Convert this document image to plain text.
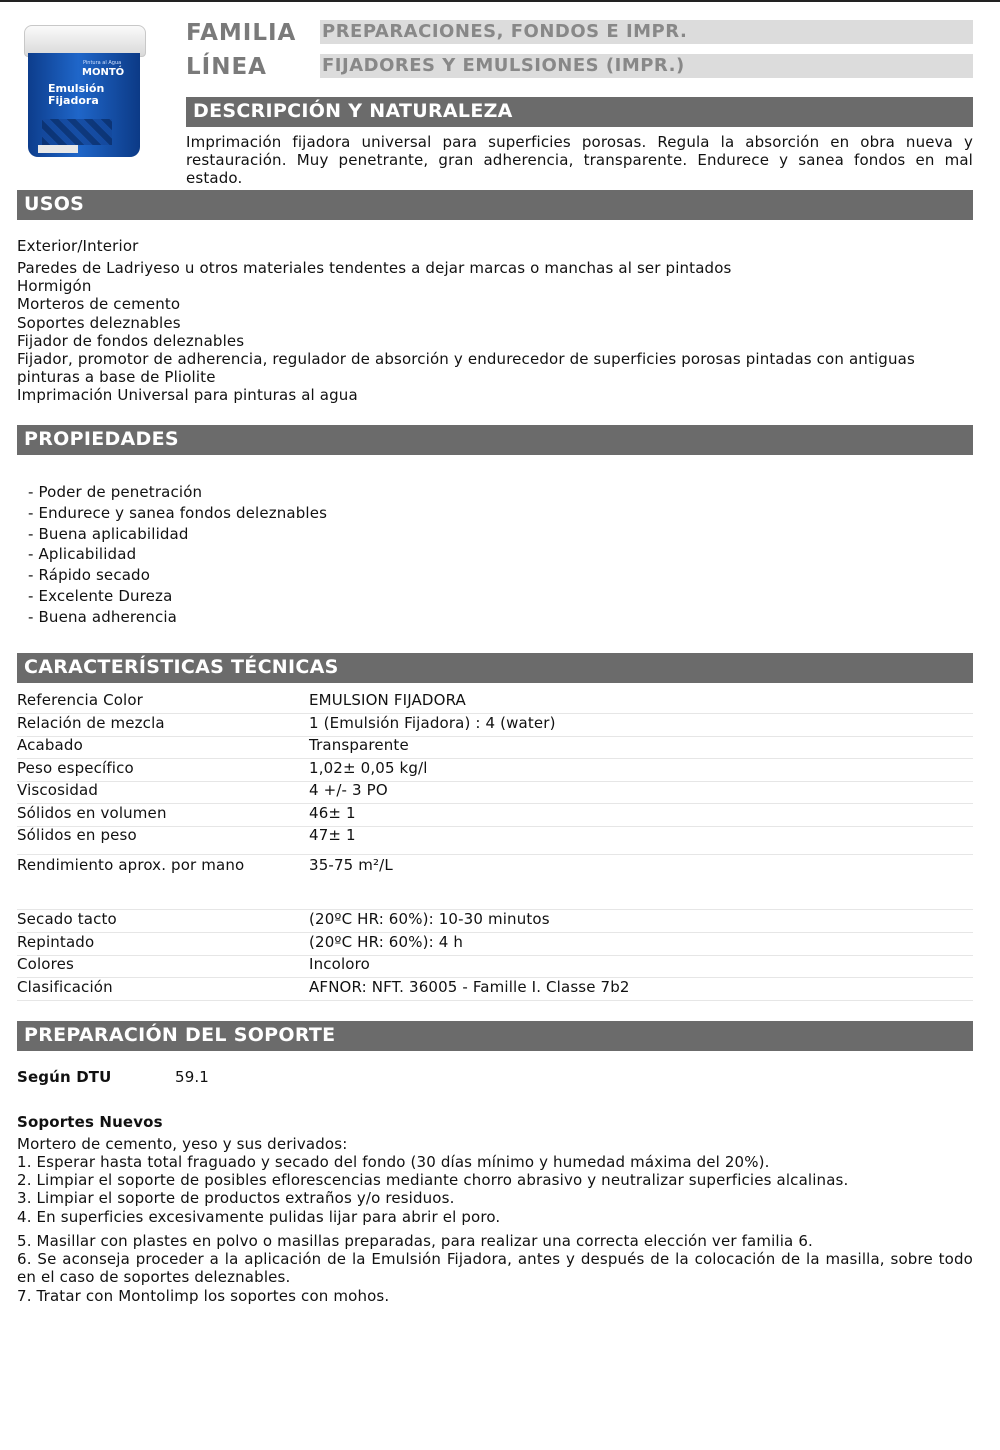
Pintura al Agua
MONTÓ
Emulsión
Fijadora
FAMILIA PREPARACIONES, FONDOS E IMPR.
LÍNEA	FIJADORES Y EMULSIONES (IMPR.)
DESCRIPCIÓN Y NATURALEZA
Imprimación fijadora universal para superficies porosas. Regula la absorción en obra nueva y restauración. Muy penetrante, gran adherencia, transparente. Endurece y sanea fondos en mal estado.
USOS
Exterior/Interior
Paredes de Ladriyeso u otros materiales tendentes a dejar marcas o manchas al ser pintados
Hormigón
Morteros de cemento
Soportes deleznables
Fijador de fondos deleznables
Fijador, promotor de adherencia, regulador de absorción y endurecedor de superficies porosas pintadas con antiguas pinturas a base de Pliolite
Imprimación Universal para pinturas al agua
PROPIEDADES
- Poder de penetración
- Endurece y sanea fondos deleznables
- Buena aplicabilidad
- Aplicabilidad
- Rápido secado
- Excelente Dureza
- Buena adherencia
CARACTERÍSTICAS TÉCNICAS
Referencia Color	EMULSION FIJADORA
Relación de mezcla	1 (Emulsión Fijadora) : 4 (water)
Acabado	Transparente
Peso específico	1,02± 0,05 kg/l
Viscosidad	4 +/- 3 PO
Sólidos en volumen	46± 1
Sólidos en peso	47± 1
Rendimiento aprox. por mano	35-75 m²/L
Secado tacto	(20ºC HR: 60%): 10-30 minutos
Repintado	(20ºC HR: 60%): 4 h
Colores	Incoloro
Clasificación	AFNOR: NFT. 36005 - Famille I. Classe 7b2
PREPARACIÓN DEL SOPORTE
Según DTU	59.1
Soportes Nuevos
Mortero de cemento, yeso y sus derivados:
1. Esperar hasta total fraguado y secado del fondo (30 días mínimo y humedad máxima del 20%).
2. Limpiar el soporte de posibles eflorescencias mediante chorro abrasivo y neutralizar superficies alcalinas.
3. Limpiar el soporte de productos extraños y/o residuos.
4. En superficies excesivamente pulidas lijar para abrir el poro.
5. Masillar con plastes en polvo o masillas preparadas, para realizar una correcta elección ver familia 6.
6. Se aconseja proceder a la aplicación de la Emulsión Fijadora, antes y después de la colocación de la masilla, sobre todo en el caso de soportes deleznables.
7. Tratar con Montolimp los soportes con mohos.
